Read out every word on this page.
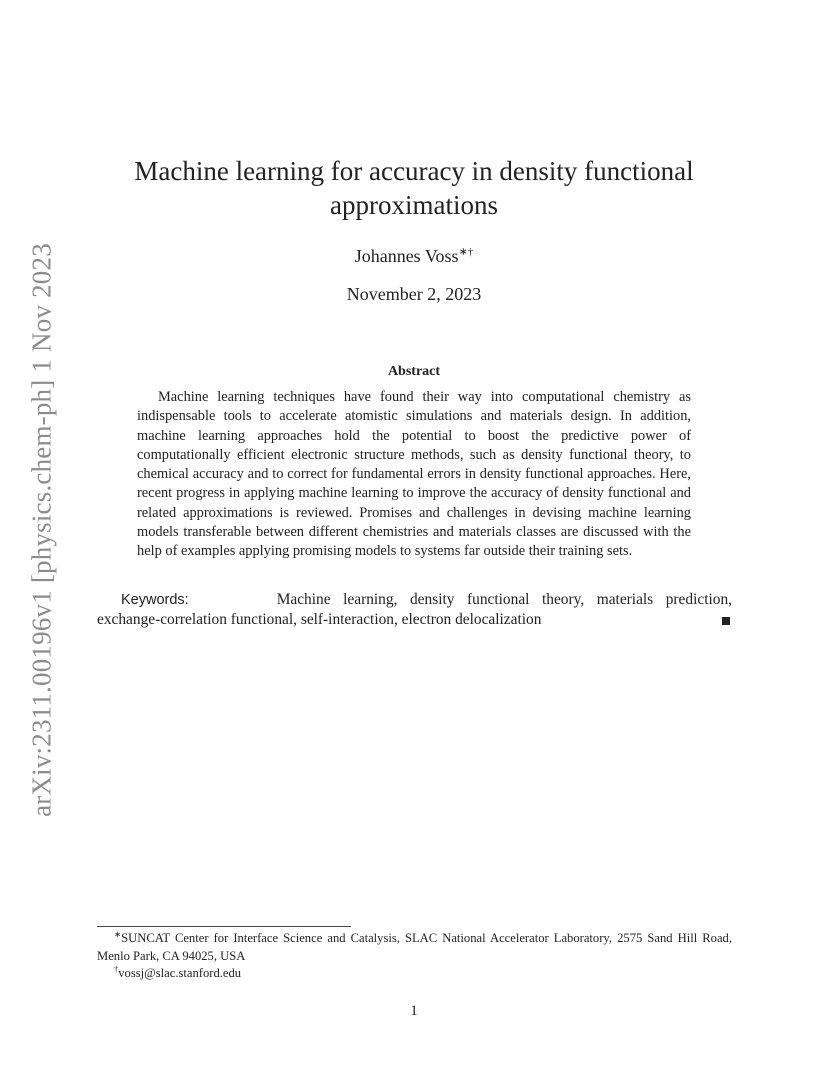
arXiv:2311.00196v1 [physics.chem-ph] 1 Nov 2023
Machine learning for accuracy in density functional approximations
Johannes Voss∗†
November 2, 2023
Abstract

Machine learning techniques have found their way into computational chemistry as indispensable tools to accelerate atomistic simulations and materials design. In addition, machine learning approaches hold the potential to boost the predictive power of computationally efficient electronic structure methods, such as density functional theory, to chemical accuracy and to correct for fundamental errors in density functional approaches. Here, recent progress in applying machine learning to improve the accuracy of density functional and related approximations is reviewed. Promises and challenges in devising machine learning models transferable between different chemistries and materials classes are discussed with the help of examples applying promising models to systems far outside their training sets.

Keywords:	Machine learning, density functional theory, materials prediction, exchange-correlation functional, self-interaction, electron delocalization

∗SUNCAT Center for Interface Science and Catalysis, SLAC National Accelerator Laboratory, 2575 Sand Hill Road, Menlo Park, CA 94025, USA

†vossj@slac.stanford.edu

1
